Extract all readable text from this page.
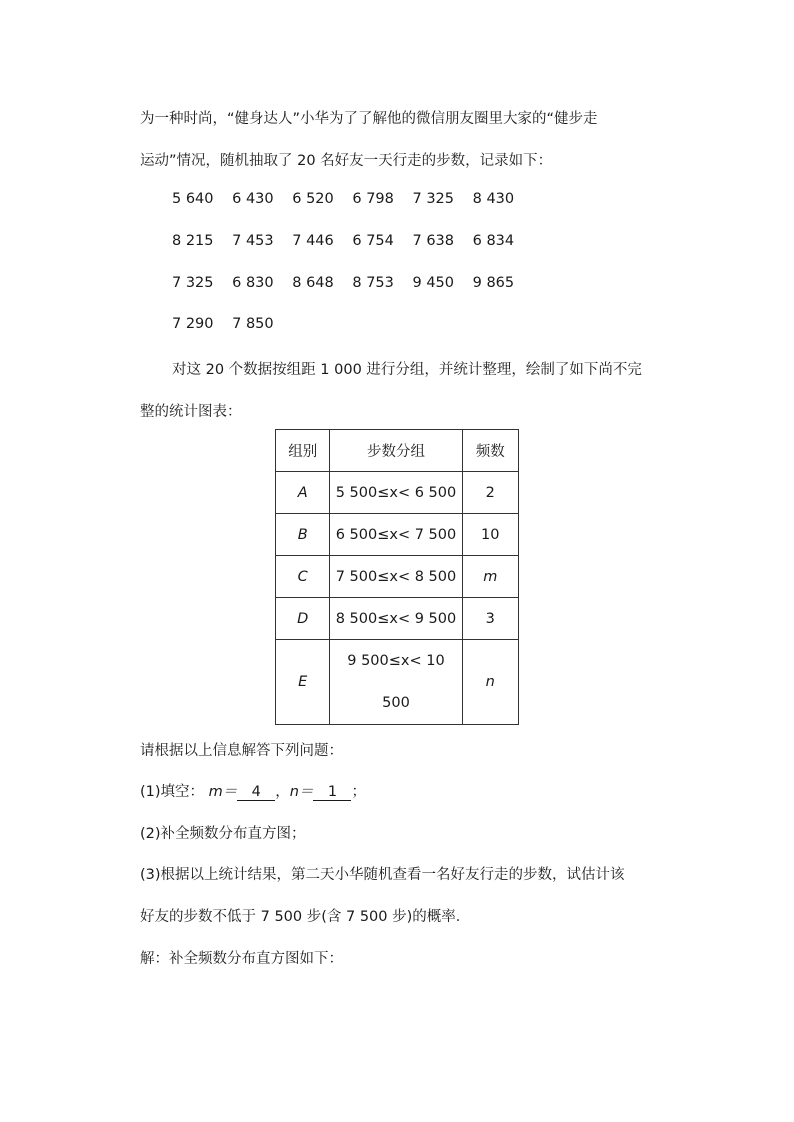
为一种时尚，“健身达人”小华为了了解他的微信朋友圈里大家的“健步走
运动”情况，随机抽取了 20 名好友一天行走的步数，记录如下：
5 640 6 430 6 520 6 798 7 325 8 430
8 215 7 453 7 446 6 754 7 638 6 834
7 325 6 830 8 648 8 753 9 450 9 865
7 290 7 850
对这 20 个数据按组距 1 000 进行分组，并统计整理，绘制了如下尚不完
整的统计图表：
组别	步数分组	频数
A	5 500≤x< 6 500	2
B	6 500≤x< 7 500	10
C	7 500≤x< 8 500	m
D	8 500≤x< 9 500	3
E	9 500≤x< 10 500	n
请根据以上信息解答下列问题：
(1)填空： m＝ 4 ，n＝ 1 ；
(2)补全频数分布直方图；
(3)根据以上统计结果，第二天小华随机查看一名好友行走的步数，试估计该
好友的步数不低于 7 500 步(含 7 500 步)的概率．
解：补全频数分布直方图如下：
